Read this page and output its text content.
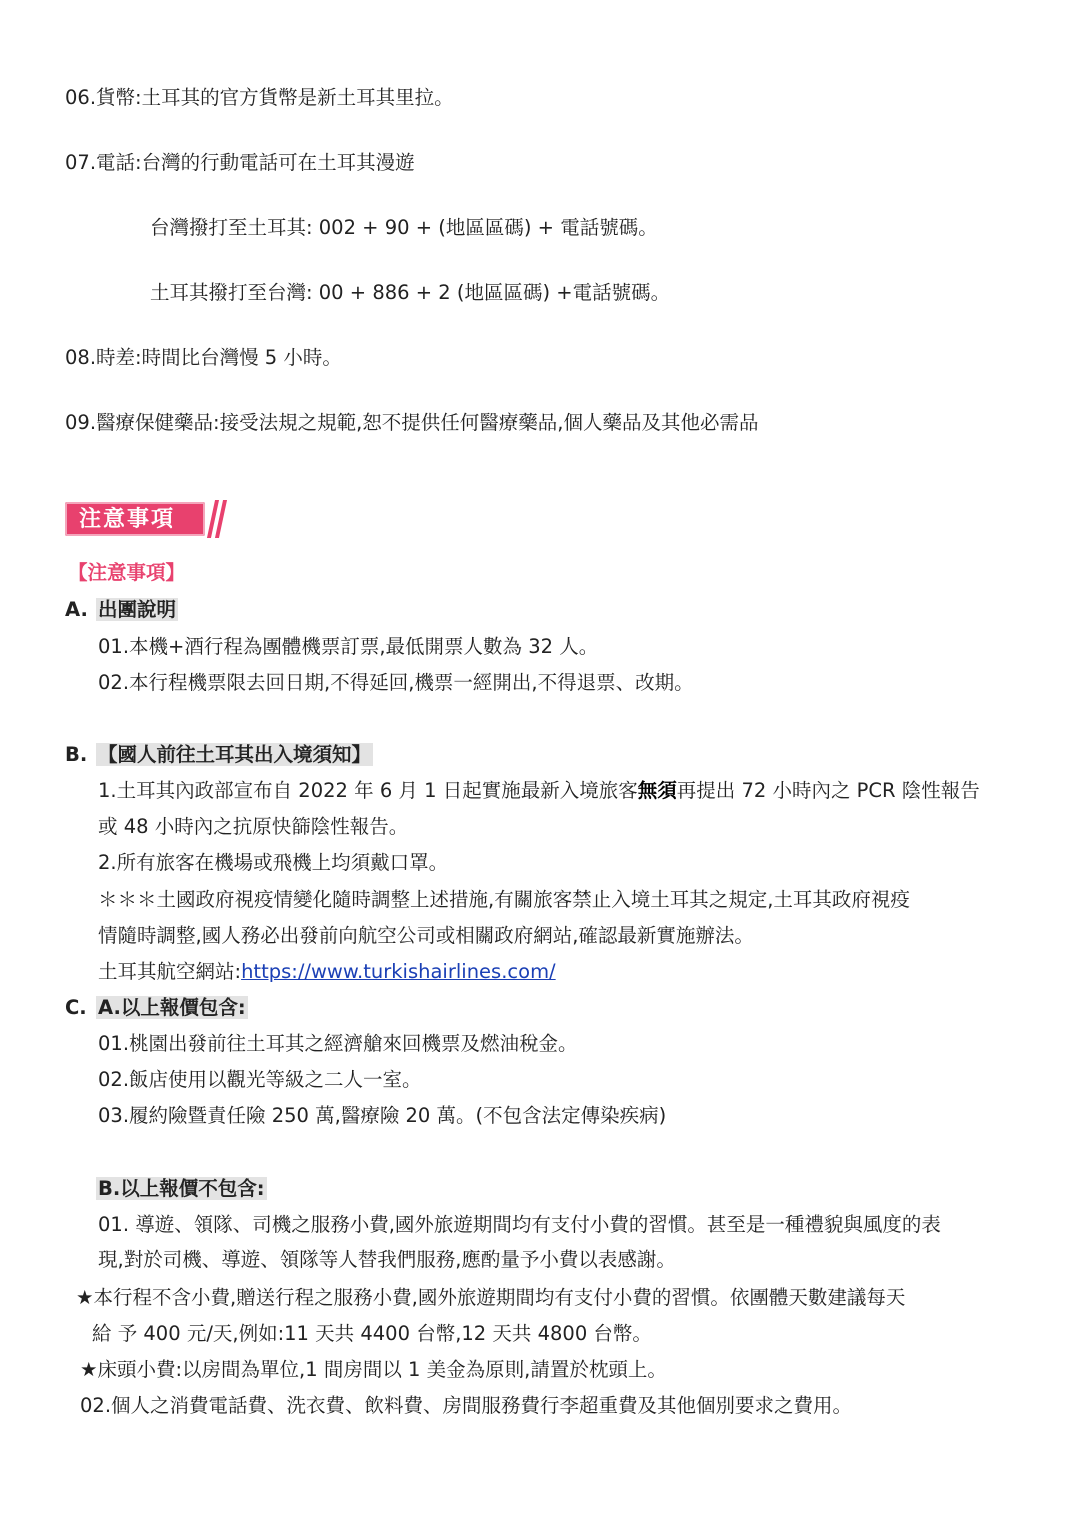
06.貨幣:土耳其的官方貨幣是新土耳其里拉。
07.電話:台灣的行動電話可在土耳其漫遊
台灣撥打至土耳其: 002 + 90 + (地區區碼) + 電話號碼。
土耳其撥打至台灣: 00 + 886 + 2 (地區區碼) +電話號碼。
08.時差:時間比台灣慢 5 小時。
09.醫療保健藥品:接受法規之規範,恕不提供任何醫療藥品,個人藥品及其他必需品
注意事項
【注意事項】
A. 出團說明
01.本機+酒行程為團體機票訂票,最低開票人數為 32 人。
02.本行程機票限去回日期,不得延回,機票一經開出,不得退票、改期。
B. 【國人前往土耳其出入境須知】
1.土耳其內政部宣布自 2022 年 6 月 1 日起實施最新入境旅客無須再提出 72 小時內之 PCR 陰性報告
或 48 小時內之抗原快篩陰性報告。
2.所有旅客在機場或飛機上均須戴口罩。
＊＊＊土國政府視疫情變化隨時調整上述措施,有關旅客禁止入境土耳其之規定,土耳其政府視疫
情隨時調整,國人務必出發前向航空公司或相關政府網站,確認最新實施辦法。
土耳其航空網站:https://www.turkishairlines.com/
C. A.以上報價包含:
01.桃園出發前往土耳其之經濟艙來回機票及燃油稅金。
02.飯店使用以觀光等級之二人一室。
03.履約險暨責任險 250 萬,醫療險 20 萬。(不包含法定傳染疾病)
B.以上報價不包含:
01. 導遊、領隊、司機之服務小費,國外旅遊期間均有支付小費的習慣。甚至是一種禮貌與風度的表
現,對於司機、導遊、領隊等人替我們服務,應酌量予小費以表感謝。
★本行程不含小費,贈送行程之服務小費,國外旅遊期間均有支付小費的習慣。依團體天數建議每天
給 予 400 元/天,例如:11 天共 4400 台幣,12 天共 4800 台幣。
★床頭小費:以房間為單位,1 間房間以 1 美金為原則,請置於枕頭上。
02.個人之消費電話費、洗衣費、飲料費、房間服務費行李超重費及其他個別要求之費用。
